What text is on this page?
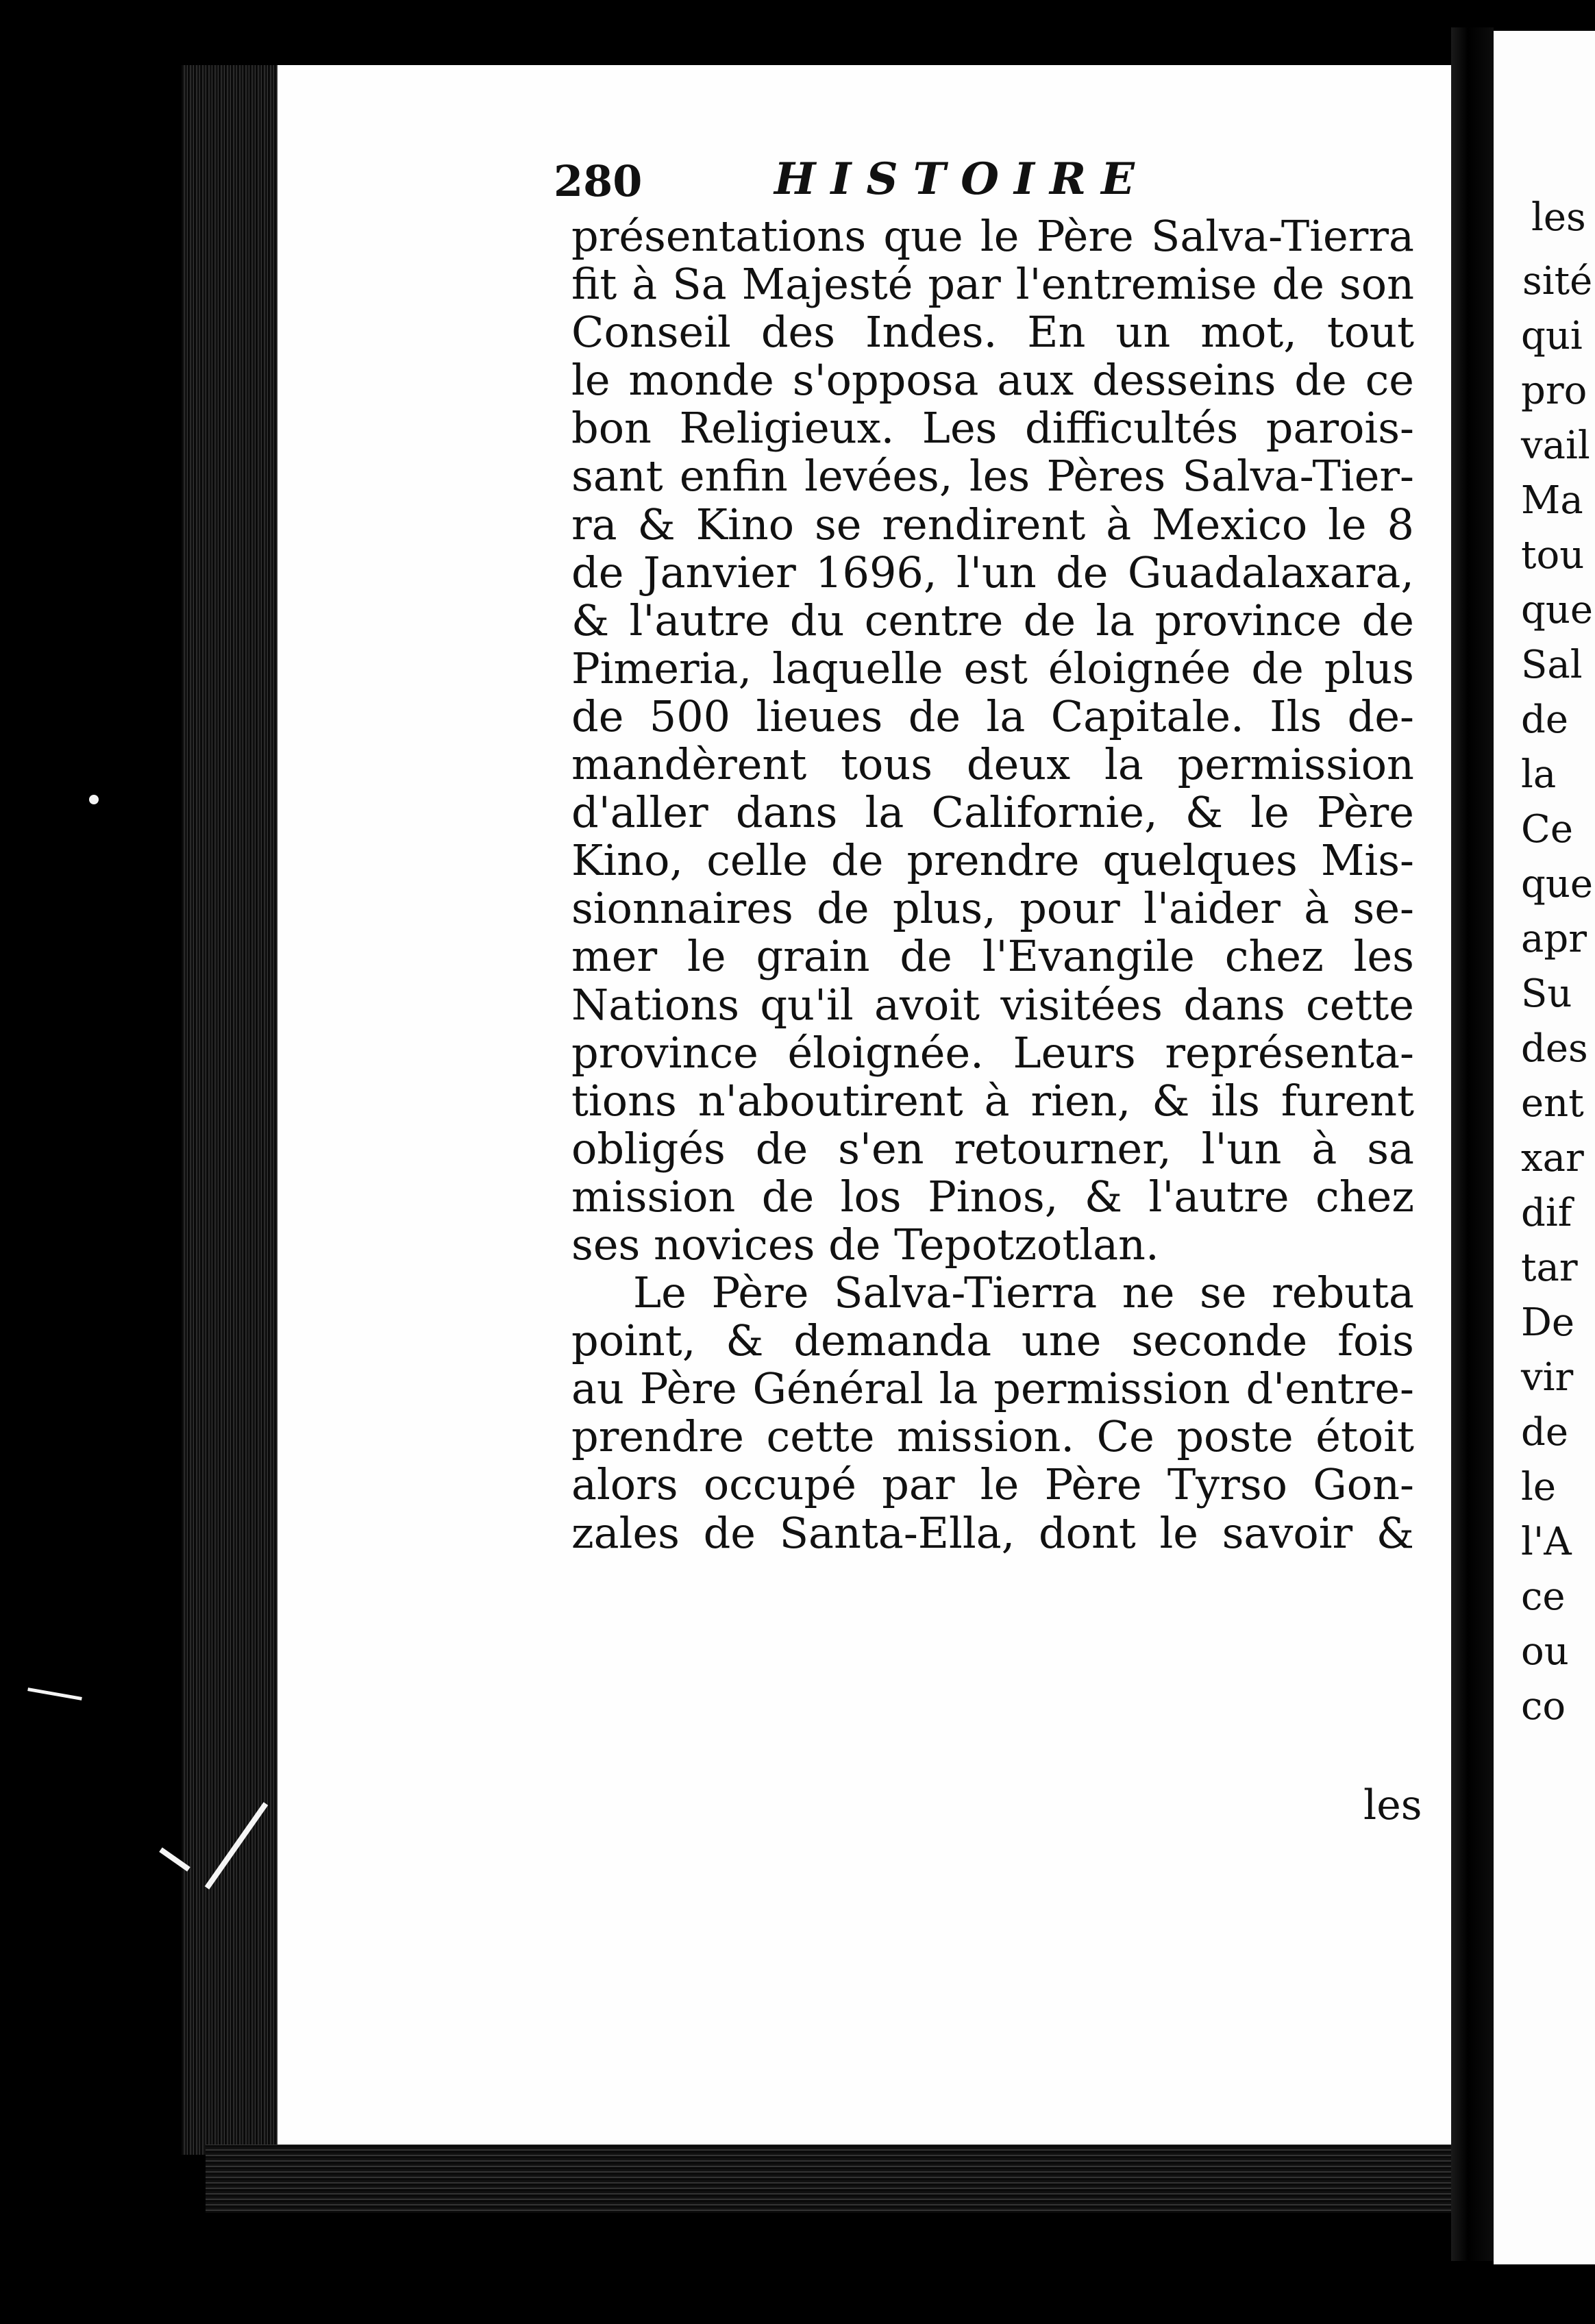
280	HISTOIRE
présentations que le Père Salva-Tierra
fit à Sa Majesté par l'entremise de son
Conseil des Indes. En un mot, tout
le monde s'opposa aux desseins de ce
bon Religieux. Les difficultés parois-
sant enfin levées, les Pères Salva-Tier-
ra & Kino se rendirent à Mexico le 8
de Janvier 1696, l'un de Guadalaxara,
& l'autre du centre de la province de
Pimeria, laquelle est éloignée de plus
de 500 lieues de la Capitale. Ils de-
mandèrent tous deux la permission
d'aller dans la Californie, & le Père
Kino, celle de prendre quelques Mis-
sionnaires de plus, pour l'aider à se-
mer le grain de l'Evangile chez les
Nations qu'il avoit visitées dans cette
province éloignée. Leurs représenta-
tions n'aboutirent à rien, & ils furent
obligés de s'en retourner, l'un à sa
mission de los Pinos, & l'autre chez
ses novices de Tepotzotlan.
Le Père Salva-Tierra ne se rebuta
point, & demanda une seconde fois
au Père Général la permission d'entre-
prendre cette mission. Ce poste étoit
alors occupé par le Père Tyrso Gon-
zales de Santa-Ella, dont le savoir &
les
les
sité
qui
pro
vail
Ma
tou
que
Sal
de
la
Ce
que
apr
Su
des
ent
xar
dif
tar
De
vir
de
le
l'A
ce
ou
co
